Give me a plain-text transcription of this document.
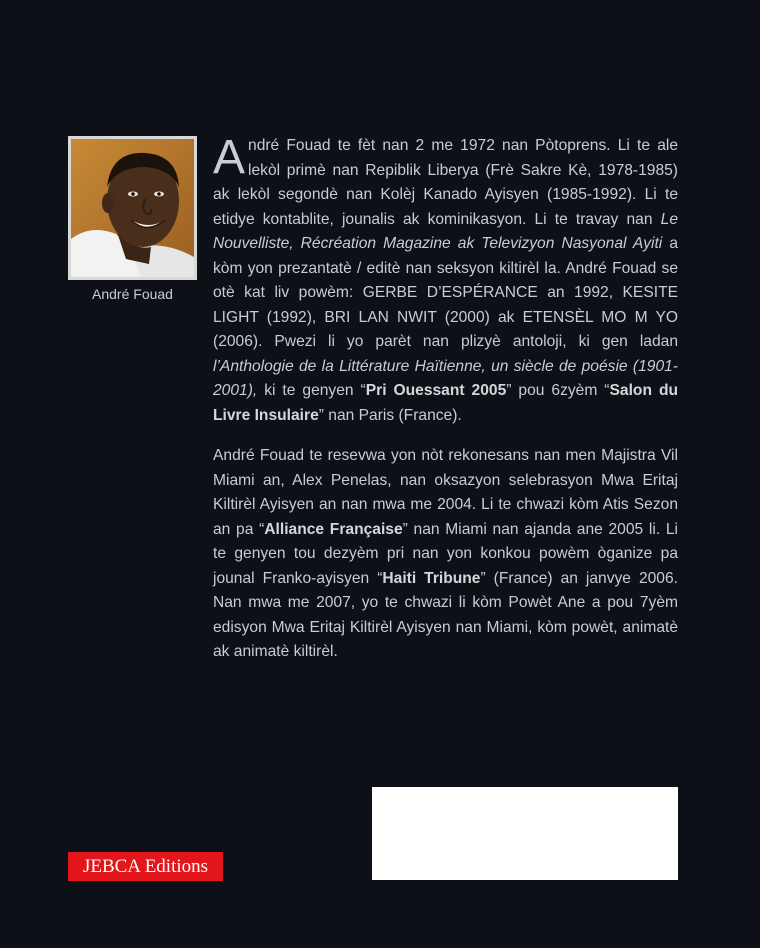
André Fouad

André Fouad te fèt nan 2 me 1972 nan Pòtoprens. Li te ale lekòl primè nan Repiblik Liberya (Frè Sakre Kè, 1978-1985) ak lekòl segondè nan Kolèj Kanado Ayisyen (1985-1992). Li te etidye kontablite, jounalis ak kominikasyon. Li te travay nan Le Nouvelliste, Récréation Magazine ak Televizyon Nasyonal Ayiti a kòm yon prezantatè / editè nan seksyon kiltirèl la. André Fouad se otè kat liv powèm: GERBE D’ESPÉRANCE an 1992, KESITE LIGHT (1992), BRI LAN NWIT (2000) ak ETENSÈL MO M YO (2006). Pwezi li yo parèt nan plizyè antoloji, ki gen ladan l’Anthologie de la Littérature Haïtienne, un siècle de poésie (1901-2001), ki te genyen “Pri Ouessant 2005” pou 6zyèm “Salon du Livre Insulaire” nan Paris (France).

André Fouad te resevwa yon nòt rekonesans nan men Majistra Vil Miami an, Alex Penelas, nan oksazyon selebrasyon Mwa Eritaj Kiltirèl Ayisyen an nan mwa me 2004. Li te chwazi kòm Atis Sezon an pa “Alliance Française” nan Miami nan ajanda ane 2005 li. Li te genyen tou dezyèm pri nan yon konkou powèm òganize pa jounal Franko-ayisyen “Haiti Tribune” (France) an janvye 2006. Nan mwa me 2007, yo te chwazi li kòm Powèt Ane a pou 7yèm edisyon Mwa Eritaj Kiltirèl Ayisyen nan Miami, kòm powèt, animatè ak animatè kiltirèl.

JEBCA Editions
